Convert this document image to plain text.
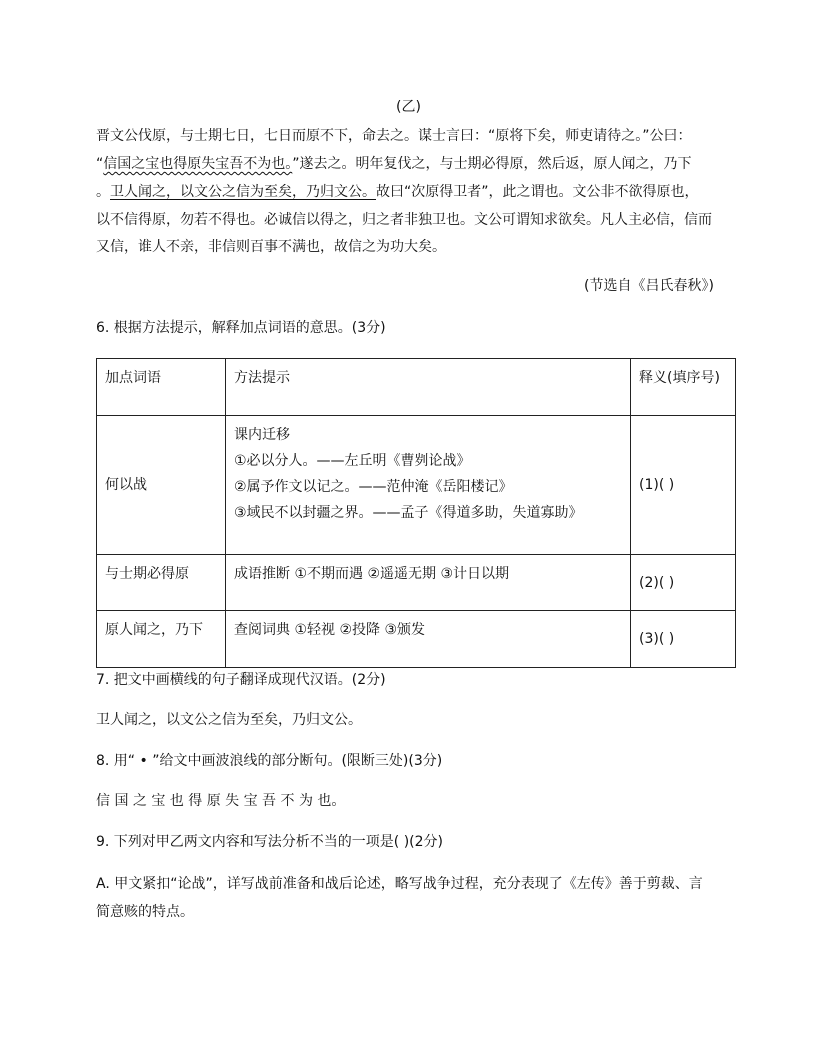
(乙)
晋文公伐原，与士期七日，七日而原不下，命去之。谋士言曰：“原将下矣，师吏请待之。”公曰：
“信国之宝也得原失宝吾不为也。”遂去之。明年复伐之，与士期必得原，然后返，原人闻之，乃下
。卫人闻之，以文公之信为至矣，乃归文公。故曰“次原得卫者”，此之谓也。文公非不欲得原也，
以不信得原，勿若不得也。必诚信以得之，归之者非独卫也。文公可谓知求欲矣。凡人主必信，信而
又信，谁人不亲，非信则百事不满也，故信之为功大矣。
(节选自《吕氏春秋》)
6. 根据方法提示，解释加点词语的意思。(3分)
加点词语	方法提示	释义(填序号)

何以战	课内迁移
①必以分人。——左丘明《曹刿论战》
②属予作文以记之。——范仲淹《岳阳楼记》
③域民不以封疆之界。——孟子《得道多助，失道寡助》	(1)( )

与士期必得原	成语推断 ①不期而遇 ②遥遥无期 ③计日以期	(2)( )

原人闻之，乃下	查阅词典 ①轻视 ②投降 ③颁发	(3)( )
7. 把文中画横线的句子翻译成现代汉语。(2分)
卫人闻之，以文公之信为至矣，乃归文公。
8. 用“ • ”给文中画波浪线的部分断句。(限断三处)(3分)
信 国 之 宝 也 得 原 失 宝 吾 不 为 也。
9. 下列对甲乙两文内容和写法分析不当的一项是( )(2分)
A. 甲文紧扣“论战”，详写战前准备和战后论述，略写战争过程，充分表现了《左传》善于剪裁、言
简意赅的特点。
